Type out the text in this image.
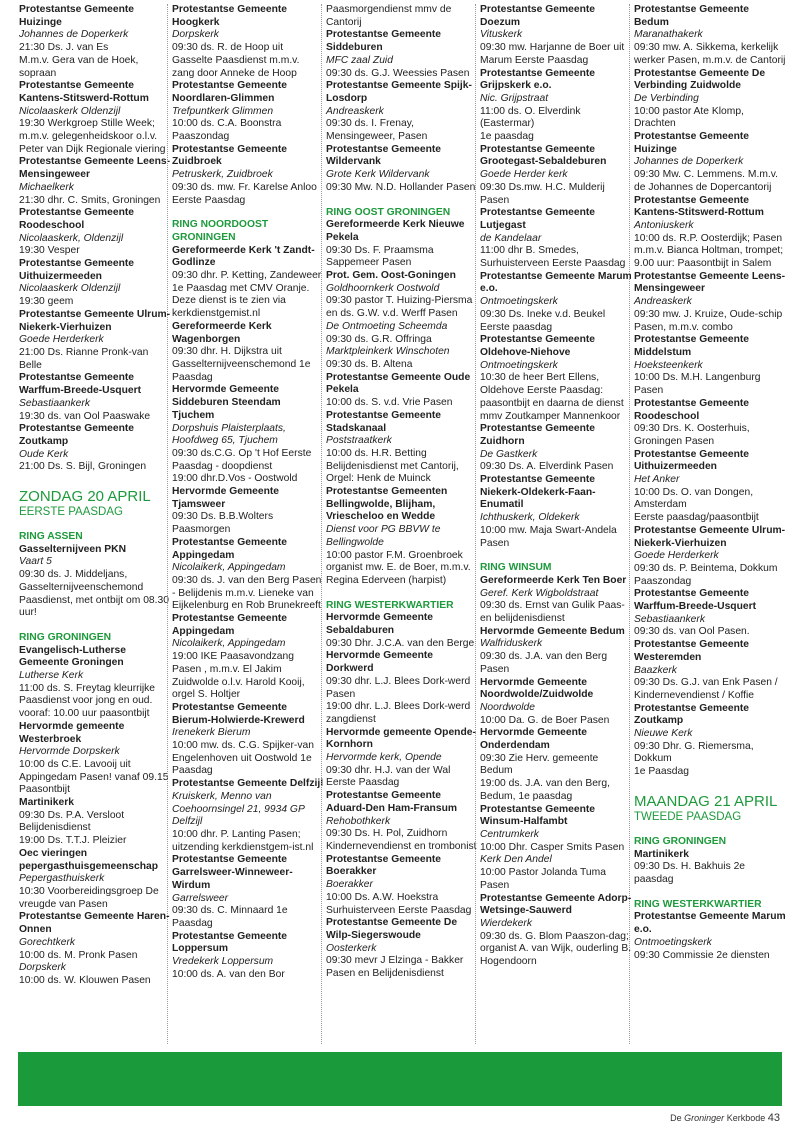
Protestantse Gemeente Huizinge
Johannes de Doperkerk
21:30 Ds. J. van Es
M.m.v. Gera van de Hoek, sopraan
Protestantse Gemeente Kantens-Stitswerd-Rottum
Nicolaaskerk Oldenzijl
19:30 Werkgroep Stille Week; m.m.v. gelegenheidskoor o.l.v. Peter van Dijk Regionale viering
Protestantse Gemeente Leens-Mensingeweer
Michaelkerk
21:30 dhr. C. Smits, Groningen
Protestantse Gemeente Roodeschool
Nicolaaskerk, Oldenzijl
19:30 Vesper
Protestantse Gemeente Uithuizermeeden
Nicolaaskerk Oldenzijl
19:30 geem
Protestantse Gemeente Ulrum-Niekerk-Vierhuizen
Goede Herderkerk
21:00 Ds. Rianne Pronk-van Belle
Protestantse Gemeente Warffum-Breede-Usquert
Sebastiaankerk
19:30 ds. van Ool Paaswake
Protestantse Gemeente Zoutkamp
Oude Kerk
21:00 Ds. S. Bijl, Groningen
ZONDAG 20 APRIL
EERSTE PAASDAG
RING ASSEN
Gasselternijveen PKN
Vaart 5
09:30 ds. J. Middeljans, Gasselternijveenschemond Paasdienst, met ontbijt om 08.30 uur!
RING GRONINGEN
Evangelisch-Lutherse Gemeente Groningen
Lutherse Kerk
11:00 ds. S. Freytag kleurrijke Paasdienst voor jong en oud. vooraf: 10.00 uur paasontbijt
Hervormde gemeente Westerbroek
Hervormde Dorpskerk
10:00 ds C.E. Lavooij uit Appingedam Pasen! vanaf 09.15 Paasontbijt
Martinikerk
09:30 Ds. P.A. Versloot Belijdenisdienst
19:00 Ds. T.T.J. Pleizier
Oec vieringen pepergasthuisgemeenschap
Pepergasthuiskerk
10:30 Voorbereidingsgroep De vreugde van Pasen
Protestantse Gemeente Haren-Onnen
Gorechtkerk
10:00 ds. M. Pronk Pasen
Dorpskerk
10:00 ds. W. Klouwen Pasen
Protestantse Gemeente Hoogkerk
Dorpskerk
09:30 ds. R. de Hoop uit Gasselte Paasdienst m.m.v. zang door Anneke de Hoop
Protestantse Gemeente Noordlaren-Glimmen
Trefpuntkerk Glimmen
10:00 ds. C.A. Boonstra Paaszondag
Protestantse Gemeente Zuidbroek
Petruskerk, Zuidbroek
09:30 ds. mw. Fr. Karelse Anloo Eerste Paasdag
RING NOORDOOST GRONINGEN
Gereformeerde Kerk 't Zandt-Godlinze
09:30 dhr. P. Ketting, Zandeweer 1e Paasdag met CMV Oranje. Deze dienst is te zien via kerkdienstgemist.nl
Gereformeerde Kerk Wagenborgen
09:30 dhr. H. Dijkstra uit Gasselternijveenschemond 1e Paasdag
Hervormde Gemeente Siddeburen Steendam Tjuchem
Dorpshuis Plaisterplaats, Hoofdweg 65, Tjuchem
09:30 ds.C.G. Op 't Hof Eerste Paasdag - doopdienst
19:00 dhr.D.Vos - Oostwold
Hervormde Gemeente Tjamsweer
09:30 Ds. B.B.Wolters Paasmorgen
Protestantse Gemeente Appingedam
Nicolaikerk, Appingedam
09:30 ds. J. van den Berg Pasen - Belijdenis m.m.v. Lieneke van Eijkelenburg en Rob Brunekreeft
Protestantse Gemeente Appingedam
Nicolaikerk, Appingedam
19:00 IKE Paasavondzang Pasen , m.m.v. El Jakim Zuidwolde o.l.v. Harold Kooij, orgel S. Holtjer
Protestantse Gemeente Bierum-Holwierde-Krewerd
Irenekerk Bierum
10:00 mw. ds. C.G. Spijker-van Engelenhoven uit Oostwold 1e Paasdag
Protestantse Gemeente Delfzijl
Kruiskerk, Menno van Coehoornsingel 21, 9934 GP Delfzijl
10:00 dhr. P. Lanting Pasen; uitzending kerkdienstgem-ist.nl
Protestantse Gemeente Garrelsweer-Winneweer-Wirdum
Garrelsweer
09:30 ds. C. Minnaard 1e Paasdag
Protestantse Gemeente Loppersum
Vredekerk Loppersum
10:00 ds. A. van den Bor
Paasmorgendienst mmv de Cantorij
Protestantse Gemeente Siddeburen
MFC zaal Zuid
09:30 ds. G.J. Weessies Pasen
Protestantse Gemeente Spijk-Losdorp
Andreaskerk
09:30 ds. I. Frenay, Mensingeweer, Pasen
Protestantse Gemeente Wildervank
Grote Kerk Wildervank
09:30 Mw. N.D. Hollander Pasen
RING OOST GRONINGEN
Gereformeerde Kerk Nieuwe Pekela
09:30 Ds. F. Praamsma Sappemeer Pasen
Prot. Gem. Oost-Goningen
Goldhoornkerk Oostwold
09:30 pastor T. Huizing-Piersma en ds. G.W. v.d. Werff Pasen
De Ontmoeting Scheemda
09:30 ds. G.R. Offringa
Marktpleinkerk Winschoten
09:30 ds. B. Altena
Protestantse Gemeente Oude Pekela
10:00 ds. S. v.d. Vrie Pasen
Protestantse Gemeente Stadskanaal
Poststraatkerk
10:00 ds. H.R. Betting Belijdenisdienst met Cantorij, Orgel: Henk de Muinck
Protestantse Gemeenten Bellingwolde, Blijham, Vriescheloo en Wedde
Dienst voor PG BBVW te Bellingwolde
10:00 pastor F.M. Groenbroek organist mw. E. de Boer, m.m.v. Regina Ederveen (harpist)
RING WESTERKWARTIER
Hervormde Gemeente Sebaldaburen
09:30 Dhr. J.C.A. van den Berge
Hervormde Gemeente Dorkwerd
09:30 dhr. L.J. Blees Dork-werd Pasen
19:00 dhr. L.J. Blees Dork-werd zangdienst
Hervormde gemeente Opende-Kornhorn
Hervormde kerk, Opende
09:30 dhr. H.J. van der Wal Eerste Paasdag
Protestantse Gemeente Aduard-Den Ham-Fransum
Rehobothkerk
09:30 Ds. H. Pol, Zuidhorn Kindernevendienst en trombonist
Protestantse Gemeente Boerakker
Boerakker
10:00 Ds. A.W. Hoekstra Surhuisterveen Eerste Paasdag
Protestantse Gemeente De Wilp-Siegerswoude
Oosterkerk
09:30 mevr J Elzinga - Bakker Pasen en Belijdenisdienst
Protestantse Gemeente Doezum
Vituskerk
09:30 mw. Harjanne de Boer uit Marum Eerste Paasdag
Protestantse Gemeente Grijpskerk e.o.
Nic. Grijpstraat
11:00 ds. O. Elverdink (Eastermar)
1e paasdag
Protestantse Gemeente Grootegast-Sebaldeburen
Goede Herder kerk
09:30 Ds.mw. H.C. Mulderij Pasen
Protestantse Gemeente Lutjegast
de Kandelaar
11:00 dhr B. Smedes, Surhuisterveen Eerste Paasdag
Protestantse Gemeente Marum e.o.
Ontmoetingskerk
09:30 Ds. Ineke v.d. Beukel Eerste paasdag
Protestantse Gemeente Oldehove-Niehove
Ontmoetingskerk
10:30 de heer Bert Ellens, Oldehove Eerste Paasdag: paasontbijt en daarna de dienst mmv Zoutkamper Mannenkoor
Protestantse Gemeente Zuidhorn
De Gastkerk
09:30 Ds. A. Elverdink Pasen
Protestantse Gemeente Niekerk-Oldekerk-Faan-Enumatil
Ichthuskerk, Oldekerk
10:00 mw. Maja Swart-Andela Pasen
RING WINSUM
Gereformeerde Kerk Ten Boer
Geref. Kerk Wigboldstraat
09:30 ds. Ernst van Gulik Paas- en belijdenisdienst
Hervormde Gemeente Bedum
Walfriduskerk
09:30 ds. J.A. van den Berg Pasen
Hervormde Gemeente Noordwolde/Zuidwolde
Noordwolde
10:00 Da. G. de Boer Pasen
Hervormde Gemeente Onderdendam
09:30 Zie Herv. gemeente Bedum
19:00 ds. J.A. van den Berg, Bedum, 1e paasdag
Protestantse Gemeente Winsum-Halfambt
Centrumkerk
10:00 Dhr. Casper Smits Pasen
Kerk Den Andel
10:00 Pastor Jolanda Tuma Pasen
Protestantse Gemeente Adorp-Wetsinge-Sauwerd
Wierdekerk
09:30 ds. G. Blom Paaszon-dag; organist A. van Wijk, ouderling B. Hogendoorn
Protestantse Gemeente Bedum
Maranathakerk
09:30 mw. A. Sikkema, kerkelijk werker Pasen, m.m.v. de Cantorij
Protestantse Gemeente De Verbinding Zuidwolde
De Verbinding
10:00 pastor Ate Klomp, Drachten
Protestantse Gemeente Huizinge
Johannes de Doperkerk
09:30 Mw. C. Lemmens. M.m.v. de Johannes de Dopercantorij
Protestantse Gemeente Kantens-Stitswerd-Rottum
Antoniuskerk
10:00 ds. R.P. Oosterdijk; Pasen m.m.v. Bianca Holtman, trompet;
9.00 uur: Paasontbijt in Salem
Protestantse Gemeente Leens-Mensingeweer
Andreaskerk
09:30 mw. J. Kruize, Oude-schip Pasen, m.m.v. combo
Protestantse Gemeente Middelstum
Hoeksteenkerk
10:00 Ds. M.H. Langenburg Pasen
Protestantse Gemeente Roodeschool
09:30 Drs. K. Oosterhuis, Groningen Pasen
Protestantse Gemeente Uithuizermeeden
Het Anker
10:00 Ds. O. van Dongen, Amsterdam
Eerste paasdag/paasontbijt
Protestantse Gemeente Ulrum-Niekerk-Vierhuizen
Goede Herderkerk
09:30 ds. P. Beintema, Dokkum
Paaszondag
Protestantse Gemeente Warffum-Breede-Usquert
Sebastiaankerk
09:30 ds. van Ool Pasen.
Protestantse Gemeente Westeremden
Baazkerk
09:30 Ds. G.J. van Enk Pasen / Kindernevendienst / Koffie
Protestantse Gemeente Zoutkamp
Nieuwe Kerk
09:30 Dhr. G. Riemersma, Dokkum
1e Paasdag
MAANDAG 21 APRIL
TWEEDE PAASDAG
RING GRONINGEN
Martinikerk
09:30 Ds. H. Bakhuis 2e paasdag
RING WESTERKWARTIER
Protestantse Gemeente Marum e.o.
Ontmoetingskerk
09:30 Commissie 2e diensten
De Groninger Kerkbode 43
